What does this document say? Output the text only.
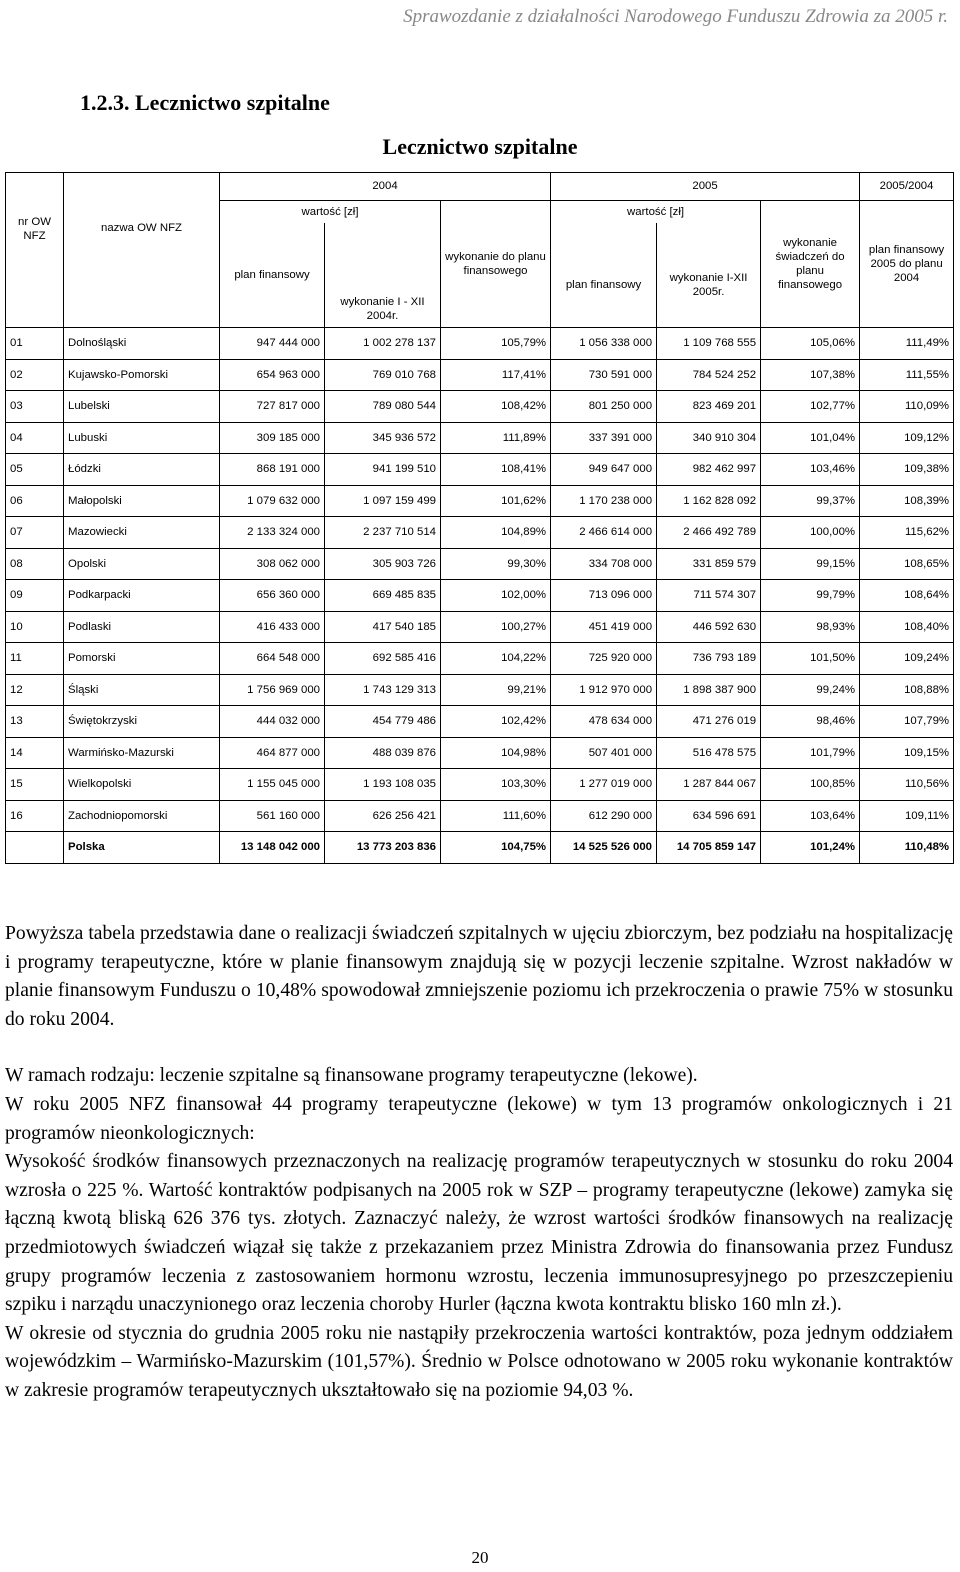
Sprawozdanie z działalności Narodowego Funduszu Zdrowia za 2005 r.
1.2.3. Lecznictwo szpitalne
Lecznictwo szpitalne
		2004			2005			2005/2004
nr OW NFZ	nazwa OW NFZ	wartość [zł]		wykonanie do planu finansowego	wartość [zł]		wykonanie świadczeń do planu finansowego	plan finansowy 2005 do planu 2004
		plan finansowy	wykonanie I - XII 2004r.		plan finansowy	wykonanie I-XII 2005r.		
01	Dolnośląski	947 444 000	1 002 278 137	105,79%	1 056 338 000	1 109 768 555	105,06%	111,49%
02	Kujawsko-Pomorski	654 963 000	769 010 768	117,41%	730 591 000	784 524 252	107,38%	111,55%
03	Lubelski	727 817 000	789 080 544	108,42%	801 250 000	823 469 201	102,77%	110,09%
04	Lubuski	309 185 000	345 936 572	111,89%	337 391 000	340 910 304	101,04%	109,12%
05	Łódzki	868 191 000	941 199 510	108,41%	949 647 000	982 462 997	103,46%	109,38%
06	Małopolski	1 079 632 000	1 097 159 499	101,62%	1 170 238 000	1 162 828 092	99,37%	108,39%
07	Mazowiecki	2 133 324 000	2 237 710 514	104,89%	2 466 614 000	2 466 492 789	100,00%	115,62%
08	Opolski	308 062 000	305 903 726	99,30%	334 708 000	331 859 579	99,15%	108,65%
09	Podkarpacki	656 360 000	669 485 835	102,00%	713 096 000	711 574 307	99,79%	108,64%
10	Podlaski	416 433 000	417 540 185	100,27%	451 419 000	446 592 630	98,93%	108,40%
11	Pomorski	664 548 000	692 585 416	104,22%	725 920 000	736 793 189	101,50%	109,24%
12	Śląski	1 756 969 000	1 743 129 313	99,21%	1 912 970 000	1 898 387 900	99,24%	108,88%
13	Świętokrzyski	444 032 000	454 779 486	102,42%	478 634 000	471 276 019	98,46%	107,79%
14	Warmińsko-Mazurski	464 877 000	488 039 876	104,98%	507 401 000	516 478 575	101,79%	109,15%
15	Wielkopolski	1 155 045 000	1 193 108 035	103,30%	1 277 019 000	1 287 844 067	100,85%	110,56%
16	Zachodniopomorski	561 160 000	626 256 421	111,60%	612 290 000	634 596 691	103,64%	109,11%
	Polska	13 148 042 000	13 773 203 836	104,75%	14 525 526 000	14 705 859 147	101,24%	110,48%

Powyższa tabela przedstawia dane o realizacji świadczeń szpitalnych w ujęciu zbiorczym, bez podziału na hospitalizację i programy terapeutyczne, które w planie finansowym znajdują się w pozycji leczenie szpitalne. Wzrost nakładów w planie finansowym Funduszu o 10,48% spowodował zmniejszenie poziomu ich przekroczenia o prawie 75% w stosunku do roku 2004.

W ramach rodzaju: leczenie szpitalne są finansowane programy terapeutyczne (lekowe).

W roku 2005 NFZ finansował 44 programy terapeutyczne (lekowe) w tym 13 programów onkologicznych i 21 programów nieonkologicznych:

Wysokość środków finansowych przeznaczonych na realizację programów terapeutycznych w stosunku do roku 2004 wzrosła o 225 %. Wartość kontraktów podpisanych na 2005 rok w SZP – programy terapeutyczne (lekowe) zamyka się łączną kwotą bliską 626 376 tys. złotych. Zaznaczyć należy, że wzrost wartości środków finansowych na realizację przedmiotowych świadczeń wiązał się także z przekazaniem przez Ministra Zdrowia do finansowania przez Fundusz grupy programów leczenia z zastosowaniem hormonu wzrostu, leczenia immunosupresyjnego po przeszczepieniu szpiku i narządu unaczynionego oraz leczenia choroby Hurler (łączna kwota kontraktu blisko 160 mln zł.).

W okresie od stycznia do grudnia 2005 roku nie nastąpiły przekroczenia wartości kontraktów, poza jednym oddziałem wojewódzkim – Warmińsko-Mazurskim (101,57%). Średnio w Polsce odnotowano w 2005 roku wykonanie kontraktów w zakresie programów terapeutycznych ukształtowało się na poziomie 94,03 %.

20
